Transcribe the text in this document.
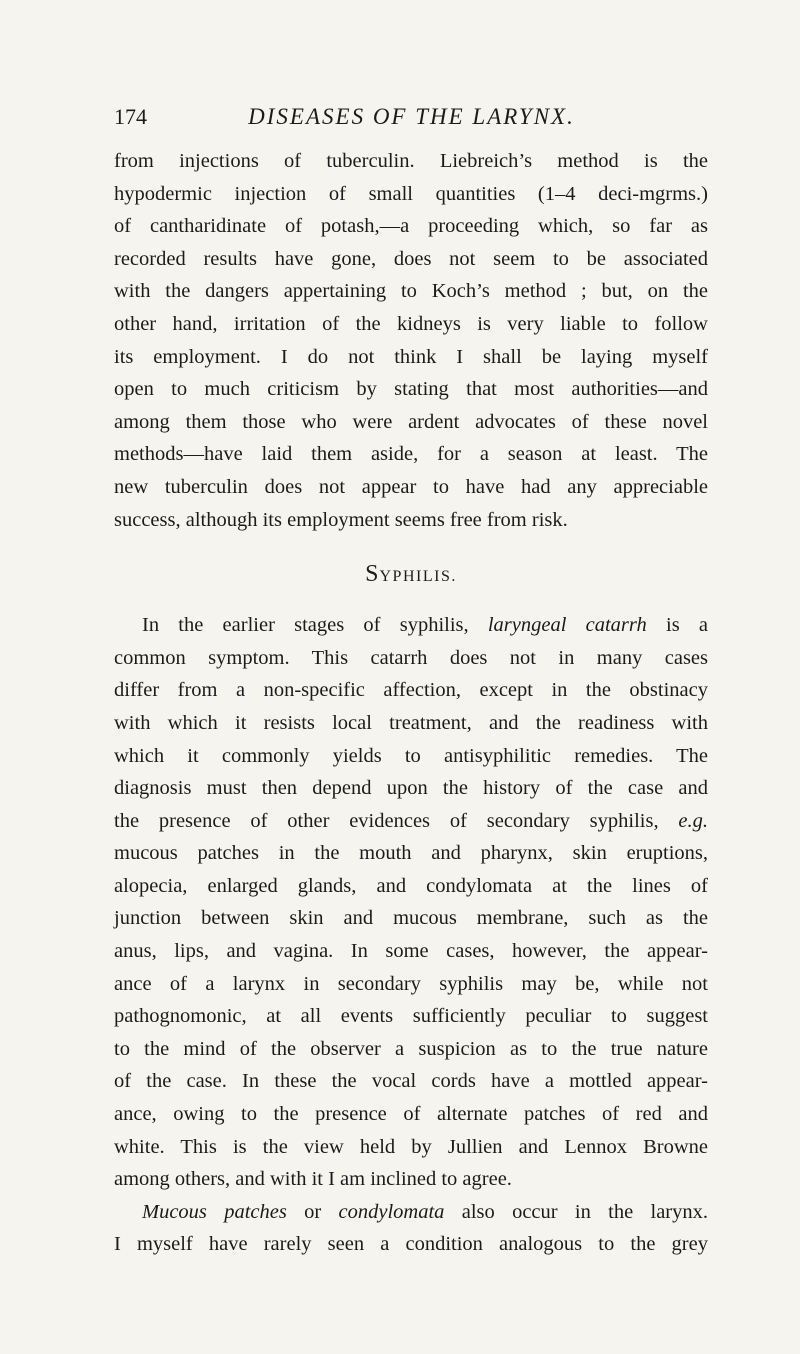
174	DISEASES OF THE LARYNX.
from injections of tuberculin. Liebreich’s method is the
hypodermic injection of small quantities (1–4 deci-mgrms.)
of cantharidinate of potash,—a proceeding which, so far as
recorded results have gone, does not seem to be associated
with the dangers appertaining to Koch’s method ; but, on the
other hand, irritation of the kidneys is very liable to follow
its employment. I do not think I shall be laying myself
open to much criticism by stating that most authorities—and
among them those who were ardent advocates of these novel
methods—have laid them aside, for a season at least. The
new tuberculin does not appear to have had any appreciable
success, although its employment seems free from risk.
SYPHILIS.
In the earlier stages of syphilis, laryngeal catarrh is a
common symptom. This catarrh does not in many cases
differ from a non-specific affection, except in the obstinacy
with which it resists local treatment, and the readiness with
which it commonly yields to antisyphilitic remedies. The
diagnosis must then depend upon the history of the case and
the presence of other evidences of secondary syphilis, e.g.
mucous patches in the mouth and pharynx, skin eruptions,
alopecia, enlarged glands, and condylomata at the lines of
junction between skin and mucous membrane, such as the
anus, lips, and vagina. In some cases, however, the appear-
ance of a larynx in secondary syphilis may be, while not
pathognomonic, at all events sufficiently peculiar to suggest
to the mind of the observer a suspicion as to the true nature
of the case. In these the vocal cords have a mottled appear-
ance, owing to the presence of alternate patches of red and
white. This is the view held by Jullien and Lennox Browne
among others, and with it I am inclined to agree.
Mucous patches or condylomata also occur in the larynx.
I myself have rarely seen a condition analogous to the grey
